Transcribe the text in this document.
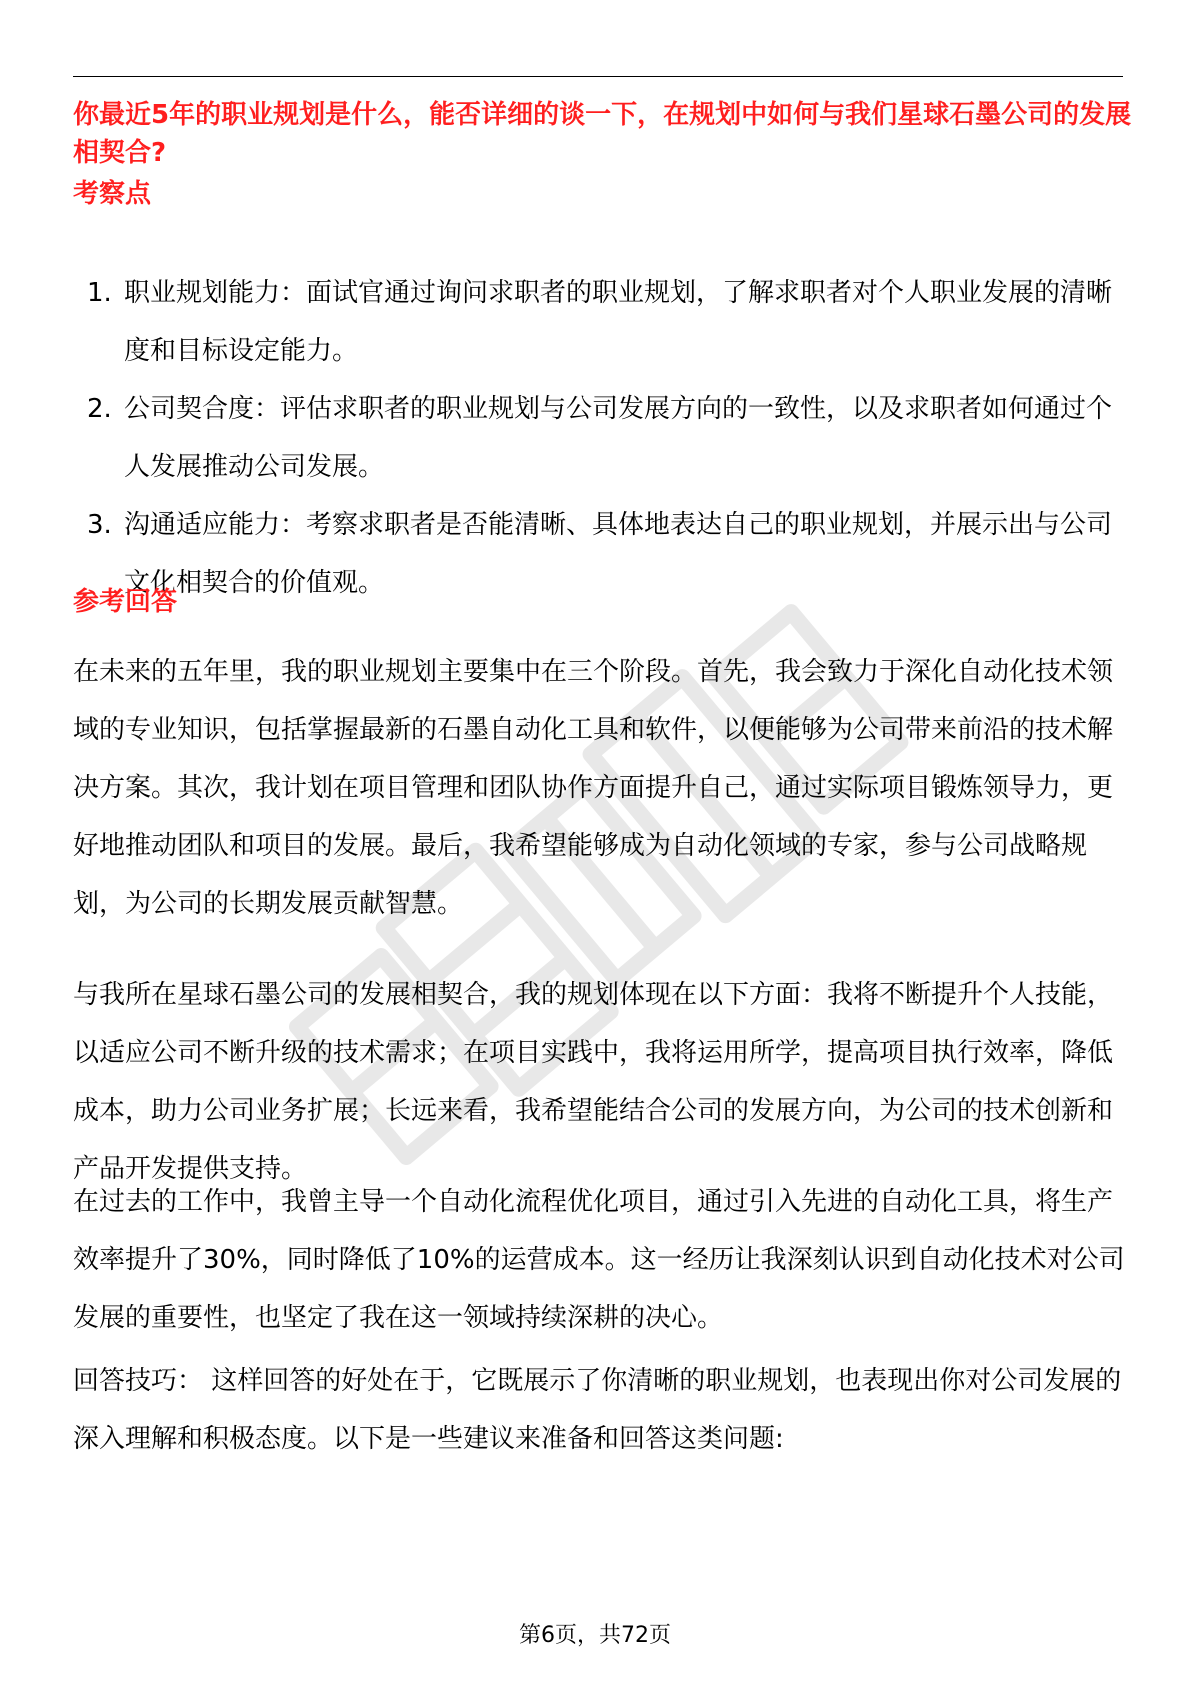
你最近5年的职业规划是什么，能否详细的谈一下，在规划中如何与我们星球石墨公司的发展相契合?
考察点
1. 职业规划能力：面试官通过询问求职者的职业规划，了解求职者对个人职业发展的清晰度和目标设定能力。
2. 公司契合度：评估求职者的职业规划与公司发展方向的一致性，以及求职者如何通过个人发展推动公司发展。
3. 沟通适应能力：考察求职者是否能清晰、具体地表达自己的职业规划，并展示出与公司文化相契合的价值观。
参考回答

在未来的五年里，我的职业规划主要集中在三个阶段。首先，我会致力于深化自动化技术领域的专业知识，包括掌握最新的石墨自动化工具和软件，以便能够为公司带来前沿的技术解决方案。其次，我计划在项目管理和团队协作方面提升自己，通过实际项目锻炼领导力，更好地推动团队和项目的发展。最后，我希望能够成为自动化领域的专家，参与公司战略规划，为公司的长期发展贡献智慧。

与我所在星球石墨公司的发展相契合，我的规划体现在以下方面：我将不断提升个人技能，以适应公司不断升级的技术需求；在项目实践中，我将运用所学，提高项目执行效率，降低成本，助力公司业务扩展；长远来看，我希望能结合公司的发展方向，为公司的技术创新和产品开发提供支持。

在过去的工作中，我曾主导一个自动化流程优化项目，通过引入先进的自动化工具，将生产效率提升了30%，同时降低了10%的运营成本。这一经历让我深刻认识到自动化技术对公司发展的重要性，也坚定了我在这一领域持续深耕的决心。

回答技巧： 这样回答的好处在于，它既展示了你清晰的职业规划，也表现出你对公司发展的深入理解和积极态度。以下是一些建议来准备和回答这类问题:

第6页，共72页
